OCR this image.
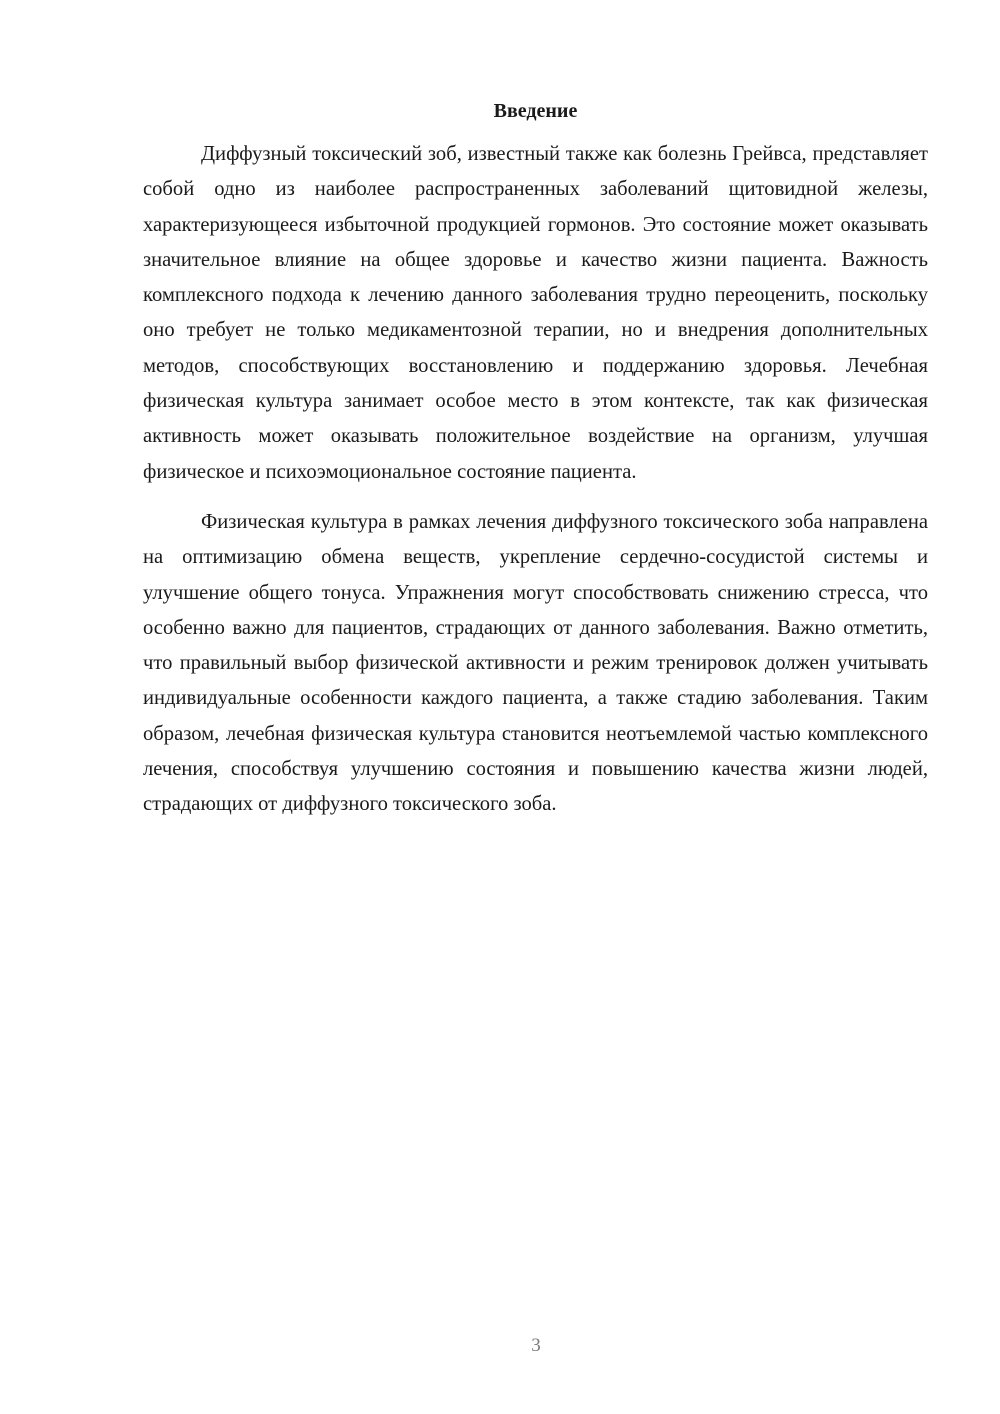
Введение

Диффузный токсический зоб, известный также как болезнь Грейвса, представляет собой одно из наиболее распространенных заболеваний щитовидной железы, характеризующееся избыточной продукцией гормонов. Это состояние может оказывать значительное влияние на общее здоровье и качество жизни пациента. Важность комплексного подхода к лечению данного заболевания трудно переоценить, поскольку оно требует не только медикаментозной терапии, но и внедрения дополнительных методов, способствующих восстановлению и поддержанию здоровья. Лечебная физическая культура занимает особое место в этом контексте, так как физическая активность может оказывать положительное воздействие на организм, улучшая физическое и психоэмоциональное состояние пациента.

Физическая культура в рамках лечения диффузного токсического зоба направлена на оптимизацию обмена веществ, укрепление сердечно-сосудистой системы и улучшение общего тонуса. Упражнения могут способствовать снижению стресса, что особенно важно для пациентов, страдающих от данного заболевания. Важно отметить, что правильный выбор физической активности и режим тренировок должен учитывать индивидуальные особенности каждого пациента, а также стадию заболевания. Таким образом, лечебная физическая культура становится неотъемлемой частью комплексного лечения, способствуя улучшению состояния и повышению качества жизни людей, страдающих от диффузного токсического зоба.

3
